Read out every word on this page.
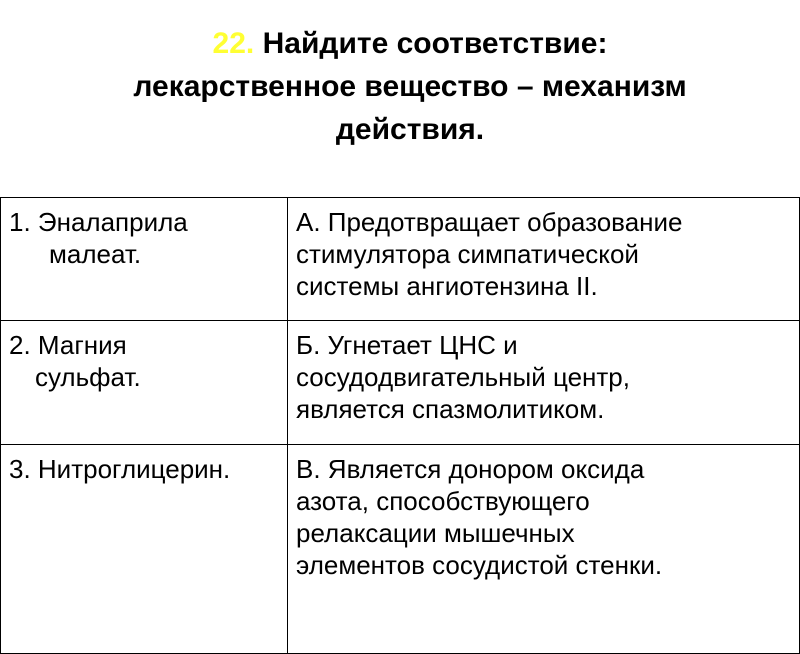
22. Найдите соответствие:
лекарственное вещество – механизм
действия.
1. Эналаприла
малеат.	А. Предотвращает образование
стимулятора симпатической
системы ангиотензина II.

2. Магния
сульфат.	Б. Угнетает ЦНС и
сосудодвигательный центр,
является спазмолитиком.

3. Нитроглицерин.	В. Является донором оксида
азота, способствующего
релаксации мышечных
элементов сосудистой стенки.
